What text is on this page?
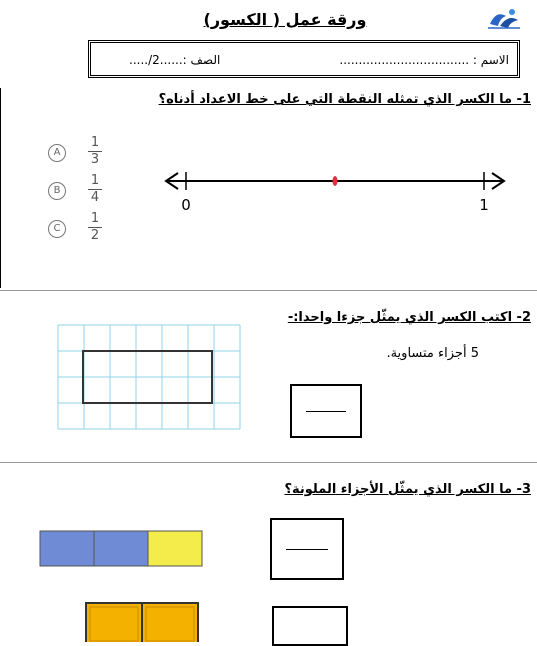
ورقة عمل ( الكسور)
الاسم : ..................................
الصف :......2/.....
1- ما الكسر الذي تمثله النقطة التي على خط الاعداد أدناه؟
A
1
3
B
1
4
C
1
2
0	1
2- اكتب الكسر الذي يمثّل جزءا واحدا:-
5 أجزاء متساوية.
3- ما الكسر الذي يمثّل الأجزاء الملونة؟
